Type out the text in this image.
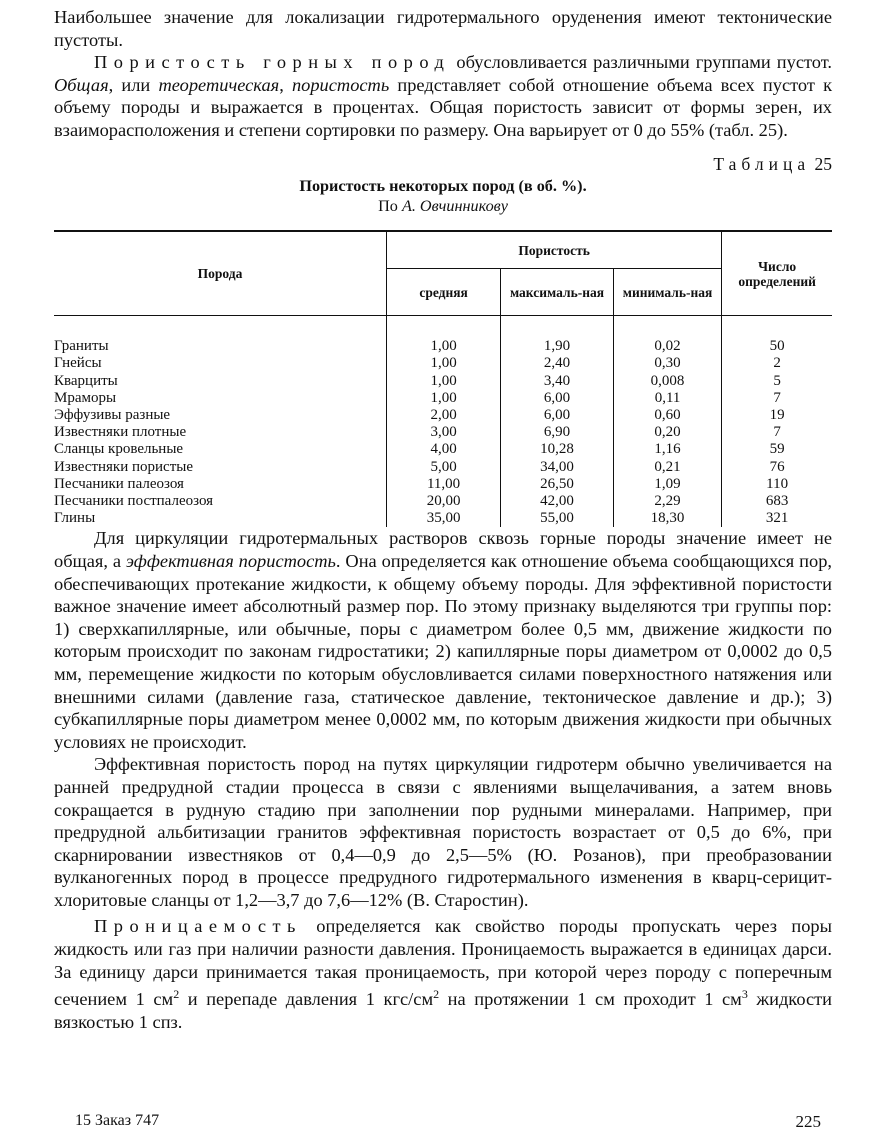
Наибольшее значение для локализации гидротермального оруденения имеют тектонические пустоты.

Пористость горных пород обусловливается различными группами пустот. Общая, или теоретическая, пористость представляет собой отношение объема всех пустот к объему породы и выражается в процентах. Общая пористость зависит от формы зерен, их взаиморасположения и степени сортировки по размеру. Она варьирует от 0 до 55% (табл. 25).

Таблица 25
Пористость некоторых пород (в об. %).
По А. Овчинникову
Порода	Пористость			Число определений
	средняя	максималь-ная	минималь-ная	

Граниты	1,00	1,90	0,02	50
Гнейсы	1,00	2,40	0,30	2
Кварциты	1,00	3,40	0,008	5
Мраморы	1,00	6,00	0,11	7
Эффузивы разные	2,00	6,00	0,60	19
Известняки плотные	3,00	6,90	0,20	7
Сланцы кровельные	4,00	10,28	1,16	59
Известняки пористые	5,00	34,00	0,21	76
Песчаники палеозоя	11,00	26,50	1,09	110
Песчаники постпалеозоя	20,00	42,00	2,29	683
Глины	35,00	55,00	18,30	321

Для циркуляции гидротермальных растворов сквозь горные породы значение имеет не общая, а эффективная пористость. Она определяется как отношение объема сообщающихся пор, обеспечивающих протекание жидкости, к общему объему породы. Для эффективной пористости важное значение имеет абсолютный размер пор. По этому признаку выделяются три группы пор: 1) сверхкапиллярные, или обычные, поры с диаметром более 0,5 мм, движение жидкости по которым происходит по законам гидростатики; 2) капиллярные поры диаметром от 0,0002 до 0,5 мм, перемещение жидкости по которым обусловливается силами поверхностного натяжения или внешними силами (давление газа, статическое давление, тектоническое давление и др.); 3) субкапиллярные поры диаметром менее 0,0002 мм, по которым движения жидкости при обычных условиях не происходит.

Эффективная пористость пород на путях циркуляции гидротерм обычно увеличивается на ранней предрудной стадии процесса в связи с явлениями выщелачивания, а затем вновь сокращается в рудную стадию при заполнении пор рудными минералами. Например, при предрудной альбитизации гранитов эффективная пористость возрастает от 0,5 до 6%, при скарнировании известняков от 0,4—0,9 до 2,5—5% (Ю. Розанов), при преобразовании вулканогенных пород в процессе предрудного гидротермального изменения в кварц-серицит-хлоритовые сланцы от 1,2—3,7 до 7,6—12% (В. Старостин).

Проницаемость определяется как свойство породы пропускать через поры жидкость или газ при наличии разности давления. Проницаемость выражается в единицах дарси. За единицу дарси принимается такая проницаемость, при которой через породу с поперечным сечением 1 $см^2$ и перепаде давления 1 кгс/$см^2$ на протяжении 1 см проходит 1 $см^3$ жидкости вязкостью 1 спз.

15 Заказ 747	225
